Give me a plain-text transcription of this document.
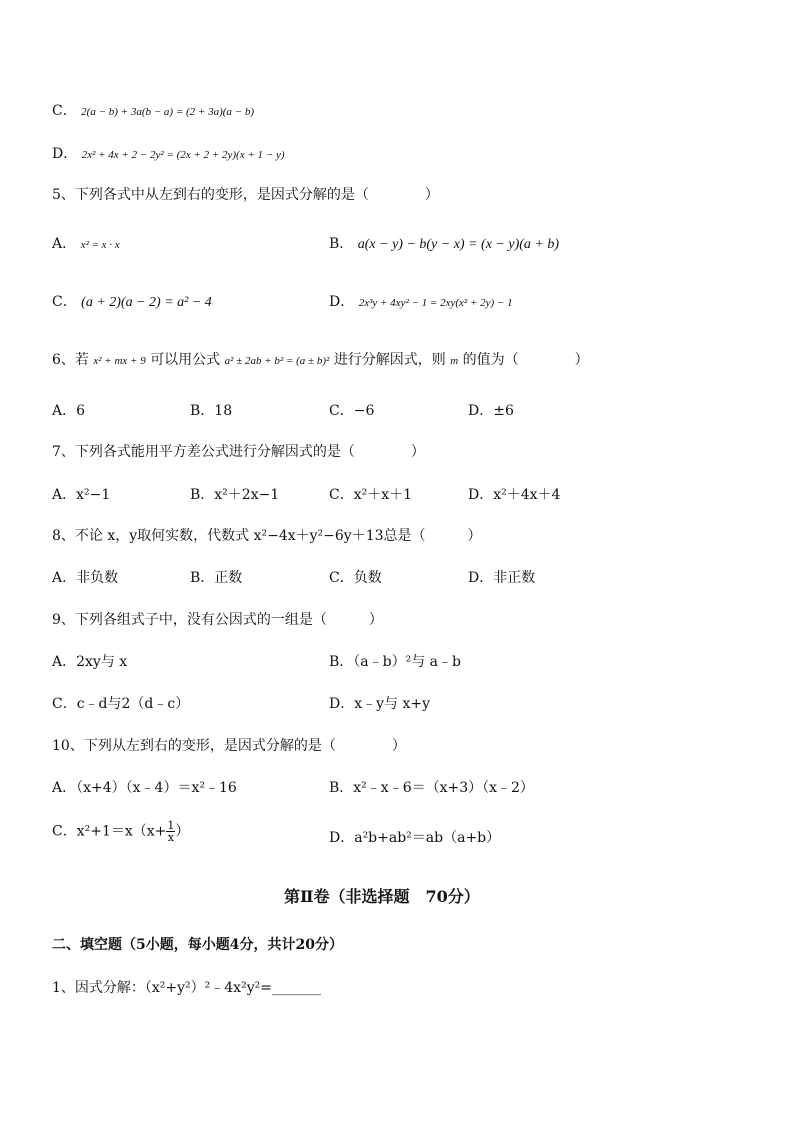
C． 2(a − b) + 3a(b − a) = (2 + 3a)(a − b)
D． 2x² + 4x + 2 − 2y² = (2x + 2 + 2y)(x + 1 − y)
5、下列各式中从左到右的变形，是因式分解的是（　　　　）
A． x² = x · x	B． a(x − y) − b(y − x) = (x − y)(a + b)
C． (a + 2)(a − 2) = a² − 4	D． 2x³y + 4xy² − 1 = 2xy(x² + 2y) − 1
6、若 x² + mx + 9 可以用公式 a² ± 2ab + b² = (a ± b)² 进行分解因式，则 m 的值为（　　　　）
A．6	B．18	C．−6	D．±6
7、下列各式能用平方差公式进行分解因式的是（　　　　）
A．x²−1	B．x²＋2x−1	C．x²＋x＋1	D．x²＋4x＋4
8、不论 x，y取何实数，代数式 x²−4x＋y²−6y＋13总是（　　　）
A．非负数	B．正数	C．负数	D．非正数
9、下列各组式子中，没有公因式的一组是（　　　）
A．2xy与 x	B．（a﹣b）²与 a﹣b
C．c﹣d与2（d﹣c）	D．x﹣y与 x+y
10、下列从左到右的变形，是因式分解的是（　　　　）
A．（x+4）（x﹣4）＝x²﹣16	B．x²﹣x﹣6＝（x+3）（x﹣2）
C．$x^2+1=x(x+ \frac{1}{x}$ ）	D．a²b+ab²＝ab（a+b）
第Ⅱ卷（非选择题　70分）
二、填空题（5小题，每小题4分，共计20分）
1、因式分解：（x²+y²）²﹣4x²y²=_______
